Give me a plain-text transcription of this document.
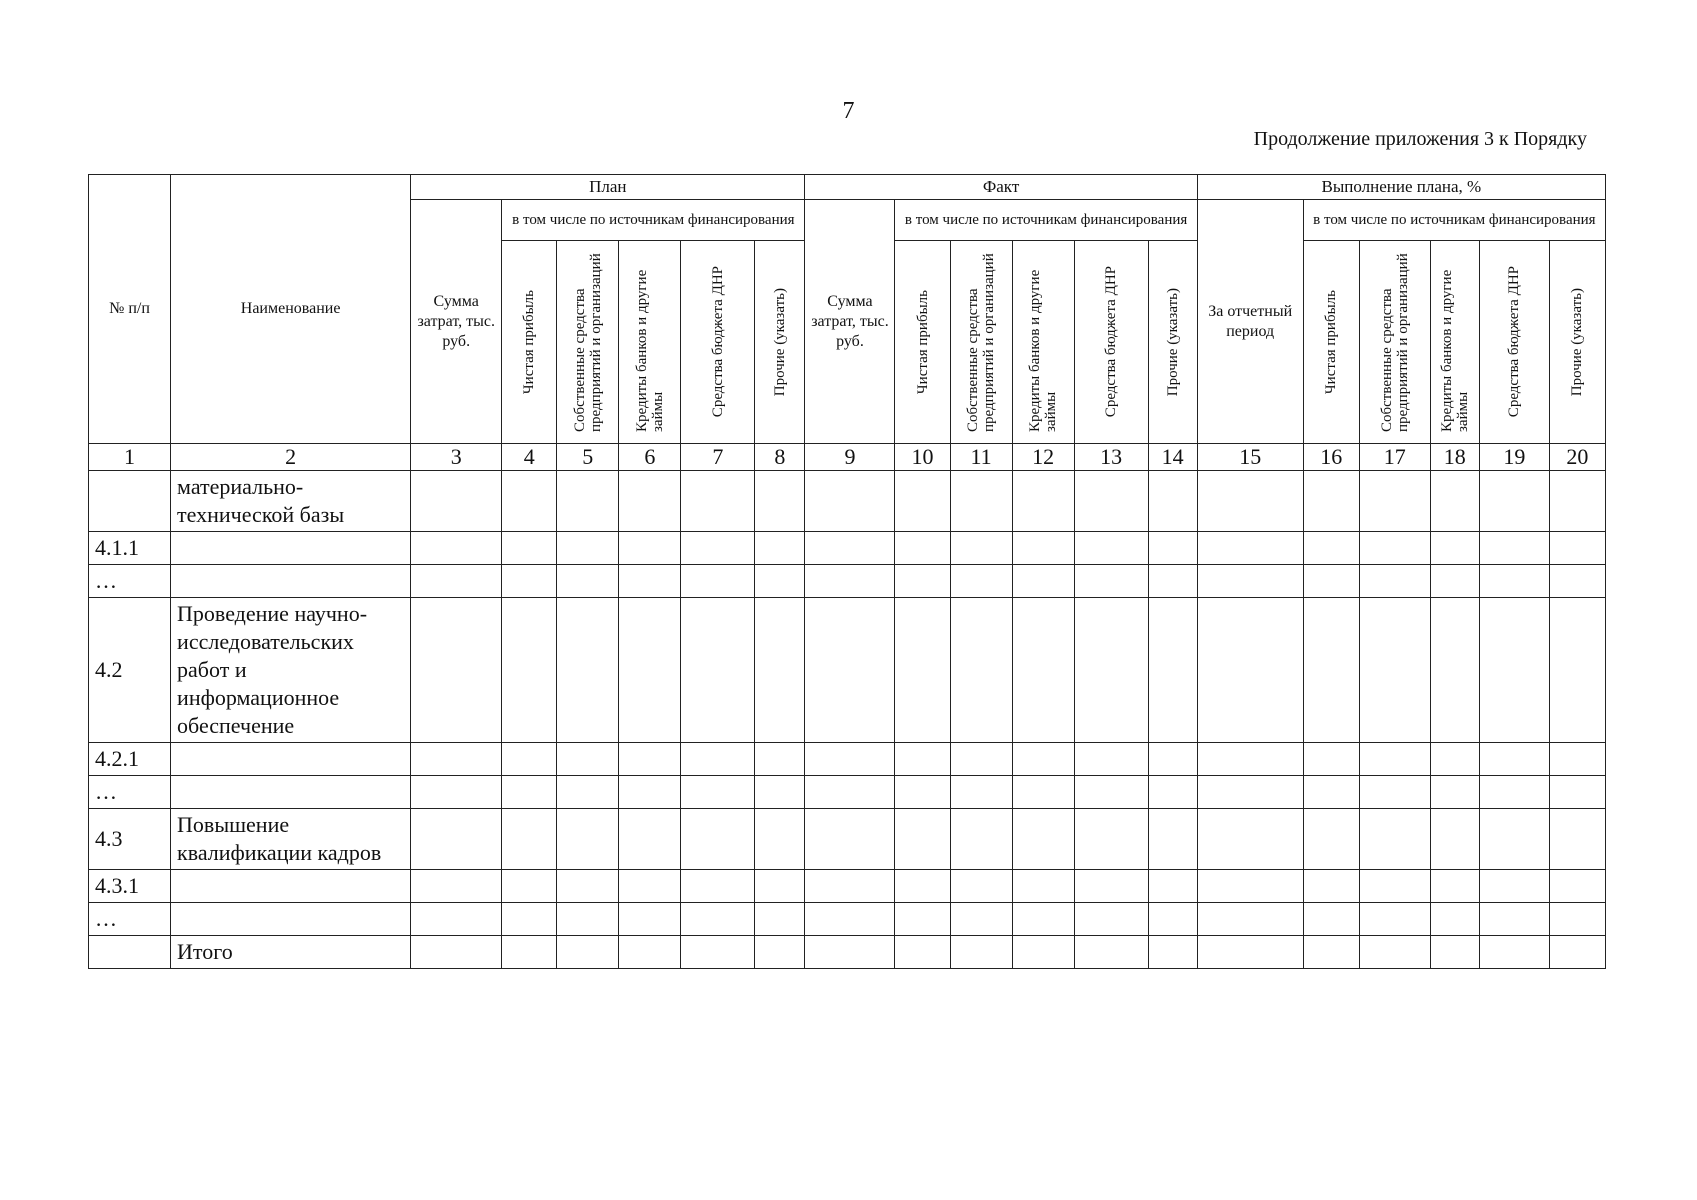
7
Продолжение приложения 3 к Порядку
№ п/п	Наименование	План						Факт						Выполнение плана, %					
		Сумма затрат, тыс. руб.	в том числе по источникам финансирования					Сумма затрат, тыс. руб.	в том числе по источникам финансирования					За отчетный период	в том числе по источникам финансирования				

			Чистая прибыль	Собственные средства предприятий и организаций	Кредиты банков и другие займы	Средства бюджета ДНР	Прочие (указать)		Чистая прибыль	Собственные средства предприятий и организаций	Кредиты банков и другие займы	Средства бюджета ДНР	Прочие (указать)		Чистая прибыль	Собственные средства предприятий и организаций	Кредиты банков и другие займы	Средства бюджета ДНР	Прочие (указать)

1	2	3	4	5	6	7	8	9	10	11	12	13	14	15	16	17	18	19	20
	материально-технической базы																		
4.1.1																			
…																			
4.2	Проведение научно-исследовательских работ и информационное обеспечение																		
4.2.1																			
…																			
4.3	Повышение квалификации кадров																		
4.3.1																			
…																			
	Итого																		
